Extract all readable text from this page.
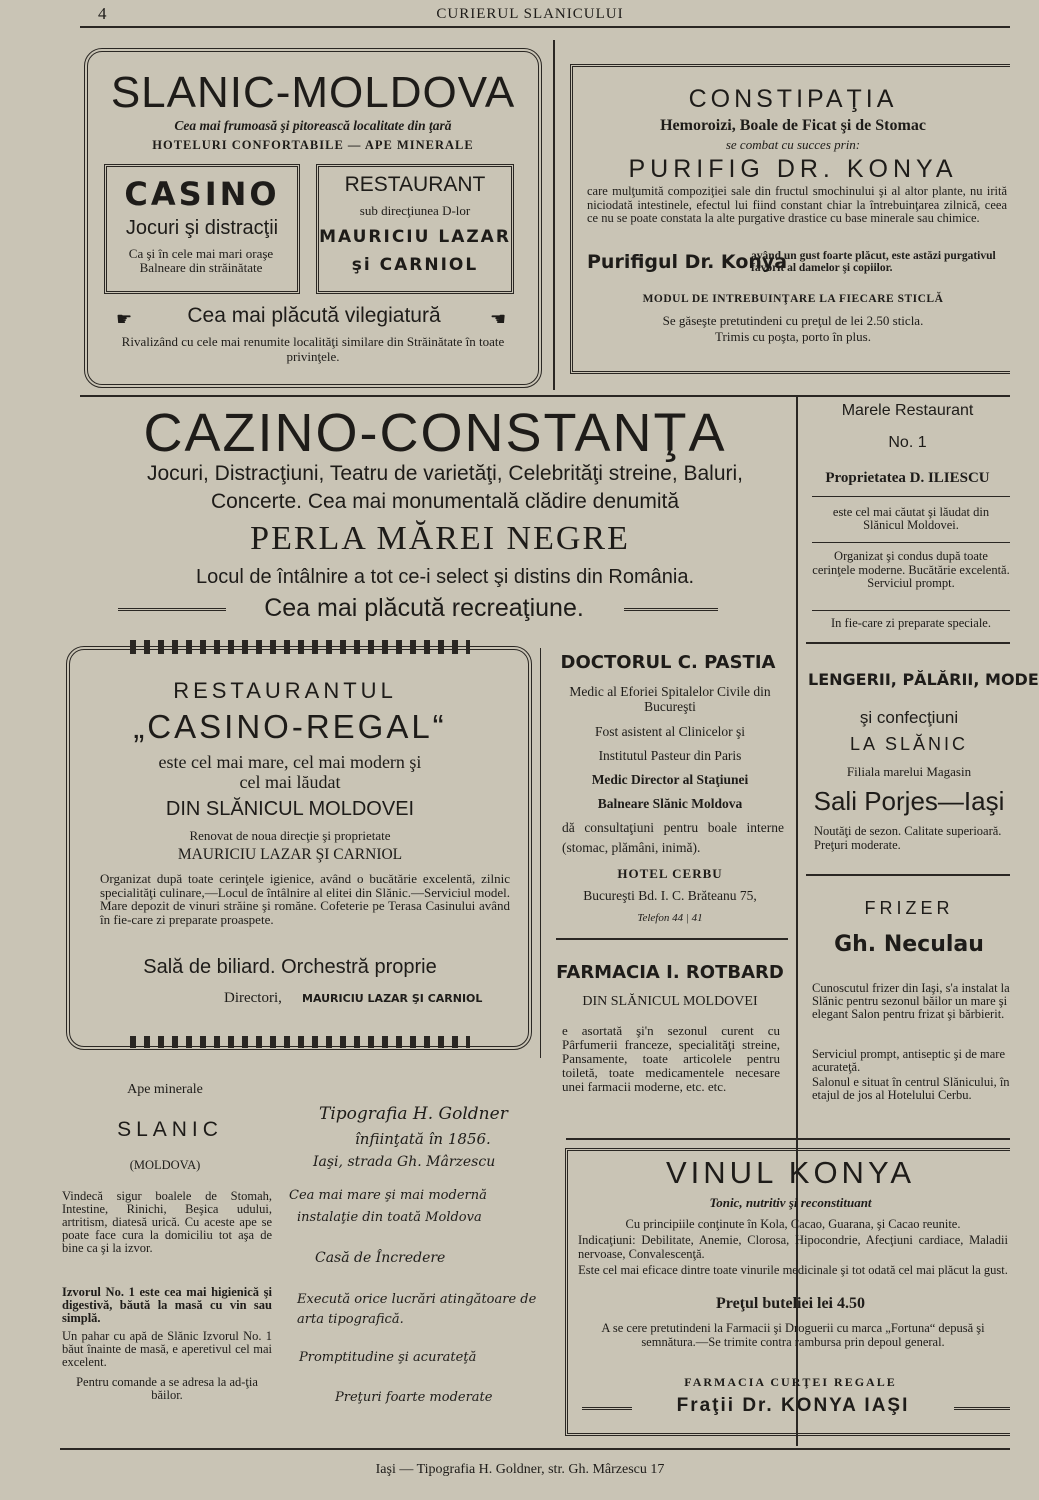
4	CURIERUL SLANICULUI
SLANIC-MOLDOVA
Cea mai frumoasă şi pitorească localitate din ţară
HOTELURI CONFORTABILE — APE MINERALE
CASINO
Jocuri şi distracţii
Ca şi în cele mai mari oraşe Balneare din străinătate
RESTAURANT
sub direcţiunea D-lor
MAURICIU LAZAR
şi CARNIOL
☛	Cea mai plăcută vilegiatură	☚
Rivalizând cu cele mai renumite localităţi similare din Străinătate în toate privinţele.
CONSTIPAŢIA
Hemoroizi, Boale de Ficat şi de Stomac
se combat cu succes prin:
PURIFIG DR. KONYA
care mulţumită compoziţiei sale din fructul smochinului şi al altor plante, nu irită niciodată intestinele, efectul lui fiind constant chiar la întrebuinţarea zilnică, ceea ce nu se poate constata la alte purgative drastice cu base minerale sau chimice.
Purifigul Dr. Konya
având un gust foarte plăcut, este astăzi purgativul favorit al damelor şi copiilor.
MODUL DE INTREBUINŢARE LA FIECARE STICLĂ
Se găseşte pretutindeni cu preţul de lei 2.50 sticla.
Trimis cu poşta, porto în plus.
CAZINO-CONSTANŢA
Jocuri, Distracţiuni, Teatru de varietăţi, Celebrităţi streine, Baluri,
Concerte. Cea mai monumentală clădire denumită
PERLA MĂREI NEGRE
Locul de întâlnire a tot ce-i select şi distins din România.
Cea mai plăcută recreaţiune.
Marele Restaurant
No. 1
Proprietatea D. ILIESCU
este cel mai căutat şi lăudat din Slănicul Moldovei.
Organizat şi condus după toate cerinţele moderne. Bucătărie excelentă. Serviciul prompt.
In fie-care zi preparate speciale.
RESTAURANTUL
„CASINO-REGAL“
este cel mai mare, cel mai modern şi
cel mai lăudat
DIN SLĂNICUL MOLDOVEI
Renovat de noua direcţie şi proprietate
MAURICIU LAZAR ŞI CARNIOL
Organizat după toate cerinţele igienice, având o bucătărie excelentă, zilnic specialităţi culinare,—Locul de întâlnire al elitei din Slănic.—Serviciul model. Mare depozit de vinuri străine şi romăne. Cofeterie pe Terasa Casinului având în fie-care zi preparate proaspete.
Sală de biliard. Orchestră proprie
Directori, MAURICIU LAZAR ŞI CARNIOL
DOCTORUL C. PASTIA
Medic al Eforiei Spitalelor Civile din Bucureşti
Fost asistent al Clinicelor şi
Institutul Pasteur din Paris
Medic Director al Staţiunei
Balneare Slănic Moldova
dă consultaţiuni pentru boale interne (stomac, plămâni, inimă).
HOTEL CERBU
Bucureşti Bd. I. C. Brăteanu 75,
Telefon 44 | 41
LENGERII, PĂLĂRII, MODE
şi confecţiuni
LA SLĂNIC
Filiala marelui Magasin
Sali Porjes—Iaşi
Noutăţi de sezon. Calitate superioară. Preţuri moderate.
FRIZER
Gh. Neculau
Cunoscutul frizer din Iaşi, s'a instalat la Slănic pentru sezonul băilor un mare şi elegant Salon pentru frizat şi bărbierit.
Serviciul prompt, antiseptic şi de mare acurateţă.
Salonul e situat în centrul Slănicului, în etajul de jos al Hotelului Cerbu.
FARMACIA I. ROTBARD
DIN SLĂNICUL MOLDOVEI
e asortată şi'n sezonul curent cu Pârfumerii franceze, specialităţi streine, Pansamente, toate articolele pentru toiletă, toate medicamentele necesare unei farmacii moderne, etc. etc.
Ape minerale
SLANIC
(MOLDOVA)
Vindecă sigur boalele de Stomah, Intestine, Rinichi, Beşica udului, artritism, diatesă urică. Cu aceste ape se poate face cura la domiciliu tot aşa de bine ca şi la izvor.
Izvorul No. 1 este cea mai higienică şi digestivă, băută la masă cu vin sau simplă.
Un pahar cu apă de Slănic Izvorul No. 1 băut înainte de masă, e aperetivul cel mai excelent.
Pentru comande a se adresa la ad-ţia băilor.
Tipografia H. Goldner
înfiinţată în 1856.
Iaşi, strada Gh. Mârzescu
Cea mai mare şi mai modernă
instalaţie din toată Moldova
Casă de Încredere
Execută orice lucrări atingătoare de arta tipografică.
Promptitudine şi acurateţă
Preţuri foarte moderate
VINUL KONYA
Tonic, nutritiv şi reconstituant
Cu principiile conţinute în Kola, Cacao, Guarana, şi Cacao reunite.
Indicaţiuni: Debilitate, Anemie, Clorosa, Hipocondrie, Afecţiuni cardiace, Maladii nervoase, Convalescenţă.
Este cel mai eficace dintre toate vinurile medicinale şi tot odată cel mai plăcut la gust.
Preţul buteliei lei 4.50
A se cere pretutindeni la Farmacii şi Droguerii cu marca „Fortuna“ depusă şi semnătura.—Se trimite contra rambursa prin depoul general.
FARMACIA CURŢEI REGALE
Fraţii Dr. KONYA IAŞI
Iaşi — Tipografia H. Goldner, str. Gh. Mârzescu 17
